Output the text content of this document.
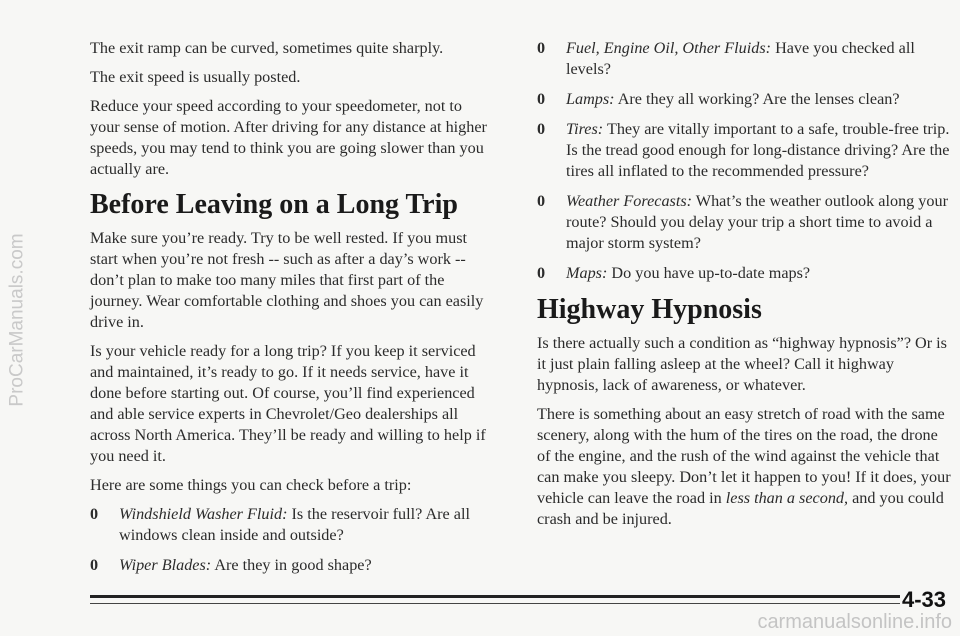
ProCarManuals.com

The exit ramp can be curved, sometimes quite sharply.

The exit speed is usually posted.

Reduce your speed according to your speedometer, not to your sense of motion. After driving for any distance at higher speeds, you may tend to think you are going slower than you actually are.

Before Leaving on a Long Trip

Make sure you’re ready. Try to be well rested. If you must start when you’re not fresh -- such as after a day’s work -- don’t plan to make too many miles that first part of the journey. Wear comfortable clothing and shoes you can easily drive in.

Is your vehicle ready for a long trip? If you keep it serviced and maintained, it’s ready to go. If it needs service, have it done before starting out. Of course, you’ll find experienced and able service experts in Chevrolet/Geo dealerships all across North America. They’ll be ready and willing to help if you need it.

Here are some things you can check before a trip:

0 Windshield Washer Fluid: Is the reservoir full? Are all windows clean inside and outside?
0 Wiper Blades: Are they in good shape?
0 Fuel, Engine Oil, Other Fluids: Have you checked all levels?
0 Lamps: Are they all working? Are the lenses clean?
0 Tires: They are vitally important to a safe, trouble-free trip. Is the tread good enough for long-distance driving? Are the tires all inflated to the recommended pressure?
0 Weather Forecasts: What’s the weather outlook along your route? Should you delay your trip a short time to avoid a major storm system?
0 Maps: Do you have up-to-date maps?
Highway Hypnosis

Is there actually such a condition as “highway hypnosis”? Or is it just plain falling asleep at the wheel? Call it highway hypnosis, lack of awareness, or whatever.

There is something about an easy stretch of road with the same scenery, along with the hum of the tires on the road, the drone of the engine, and the rush of the wind against the vehicle that can make you sleepy. Don’t let it happen to you! If it does, your vehicle can leave the road in less than a second, and you could crash and be injured.

4-33
carmanualsonline.info
